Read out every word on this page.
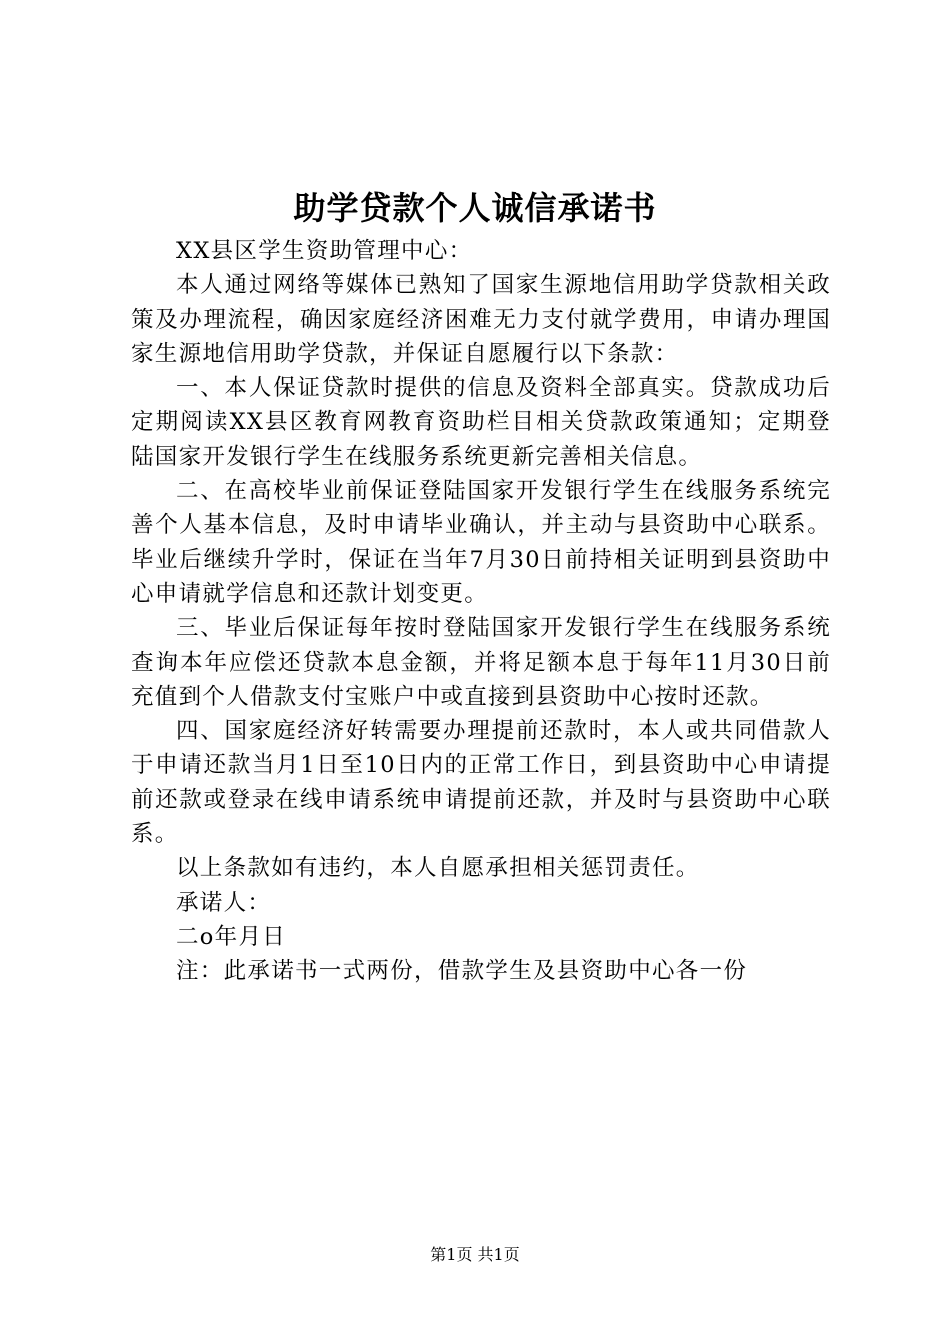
助学贷款个人诚信承诺书

XX县区学生资助管理中心：

本人通过网络等媒体已熟知了国家生源地信用助学贷款相关政策及办理流程，确因家庭经济困难无力支付就学费用，申请办理国家生源地信用助学贷款，并保证自愿履行以下条款：

一、本人保证贷款时提供的信息及资料全部真实。贷款成功后定期阅读XX县区教育网教育资助栏目相关贷款政策通知；定期登陆国家开发银行学生在线服务系统更新完善相关信息。

二、在高校毕业前保证登陆国家开发银行学生在线服务系统完善个人基本信息，及时申请毕业确认，并主动与县资助中心联系。毕业后继续升学时，保证在当年7月30日前持相关证明到县资助中心申请就学信息和还款计划变更。

三、毕业后保证每年按时登陆国家开发银行学生在线服务系统查询本年应偿还贷款本息金额，并将足额本息于每年11月30日前充值到个人借款支付宝账户中或直接到县资助中心按时还款。

四、国家庭经济好转需要办理提前还款时，本人或共同借款人于申请还款当月1日至10日内的正常工作日，到县资助中心申请提前还款或登录在线申请系统申请提前还款，并及时与县资助中心联系。

以上条款如有违约，本人自愿承担相关惩罚责任。

承诺人：

二o年月日

注：此承诺书一式两份，借款学生及县资助中心各一份

第1页 共1页
